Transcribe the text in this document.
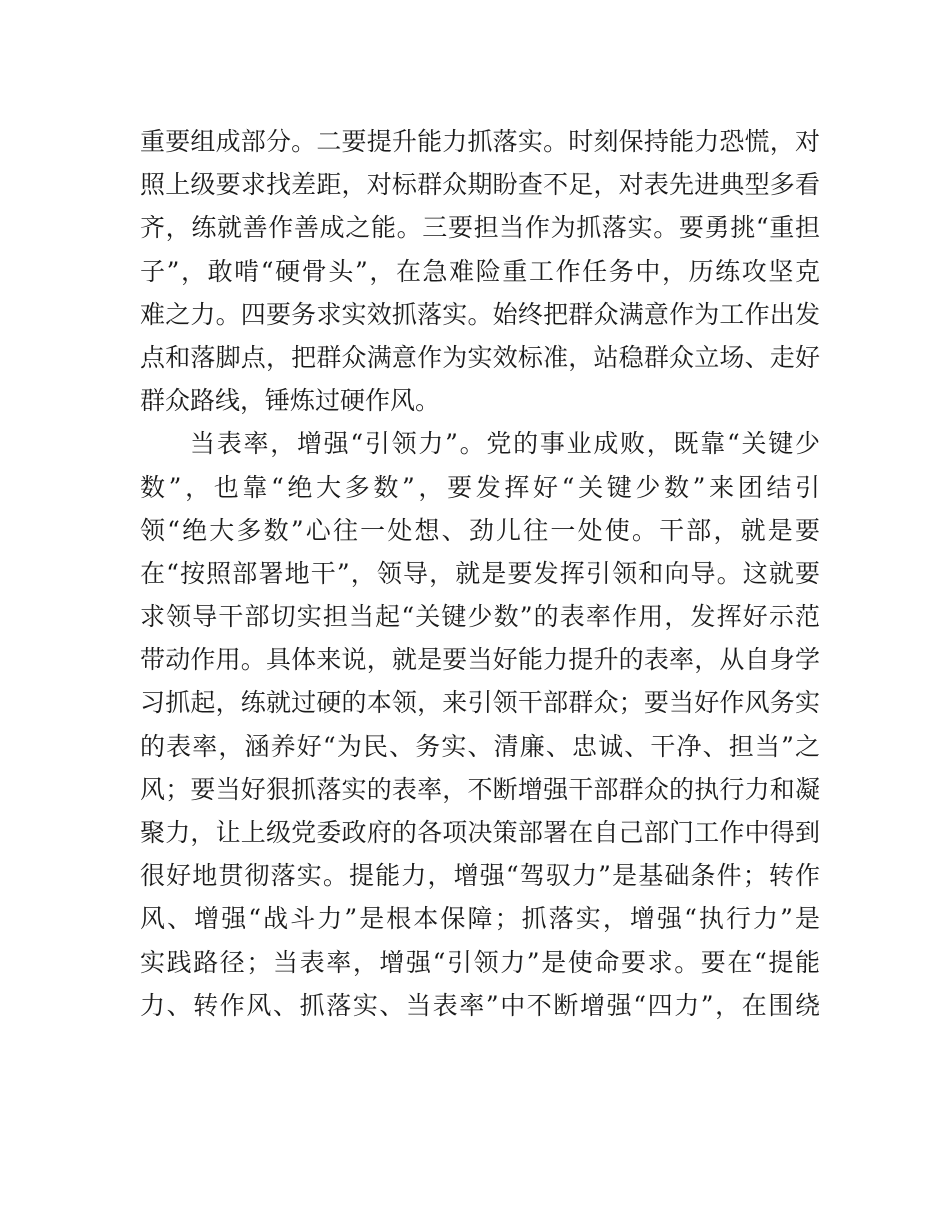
重要组成部分。二要提升能力抓落实。时刻保持能力恐慌，对
照上级要求找差距，对标群众期盼查不足，对表先进典型多看
齐，练就善作善成之能。三要担当作为抓落实。要勇挑“重担
子”，敢啃“硬骨头”，在急难险重工作任务中，历练攻坚克
难之力。四要务求实效抓落实。始终把群众满意作为工作出发
点和落脚点，把群众满意作为实效标准，站稳群众立场、走好
群众路线，锤炼过硬作风。
当表率，增强“引领力”。党的事业成败，既靠“关键少
数”，也靠“绝大多数”，要发挥好“关键少数”来团结引
领“绝大多数”心往一处想、劲儿往一处使。干部，就是要
在“按照部署地干”，领导，就是要发挥引领和向导。这就要
求领导干部切实担当起“关键少数”的表率作用，发挥好示范
带动作用。具体来说，就是要当好能力提升的表率，从自身学
习抓起，练就过硬的本领，来引领干部群众；要当好作风务实
的表率，涵养好“为民、务实、清廉、忠诚、干净、担当”之
风；要当好狠抓落实的表率，不断增强干部群众的执行力和凝
聚力，让上级党委政府的各项决策部署在自己部门工作中得到
很好地贯彻落实。提能力，增强“驾驭力”是基础条件；转作
风、增强“战斗力”是根本保障；抓落实，增强“执行力”是
实践路径；当表率，增强“引领力”是使命要求。要在“提能
力、转作风、抓落实、当表率”中不断增强“四力”，在围绕
